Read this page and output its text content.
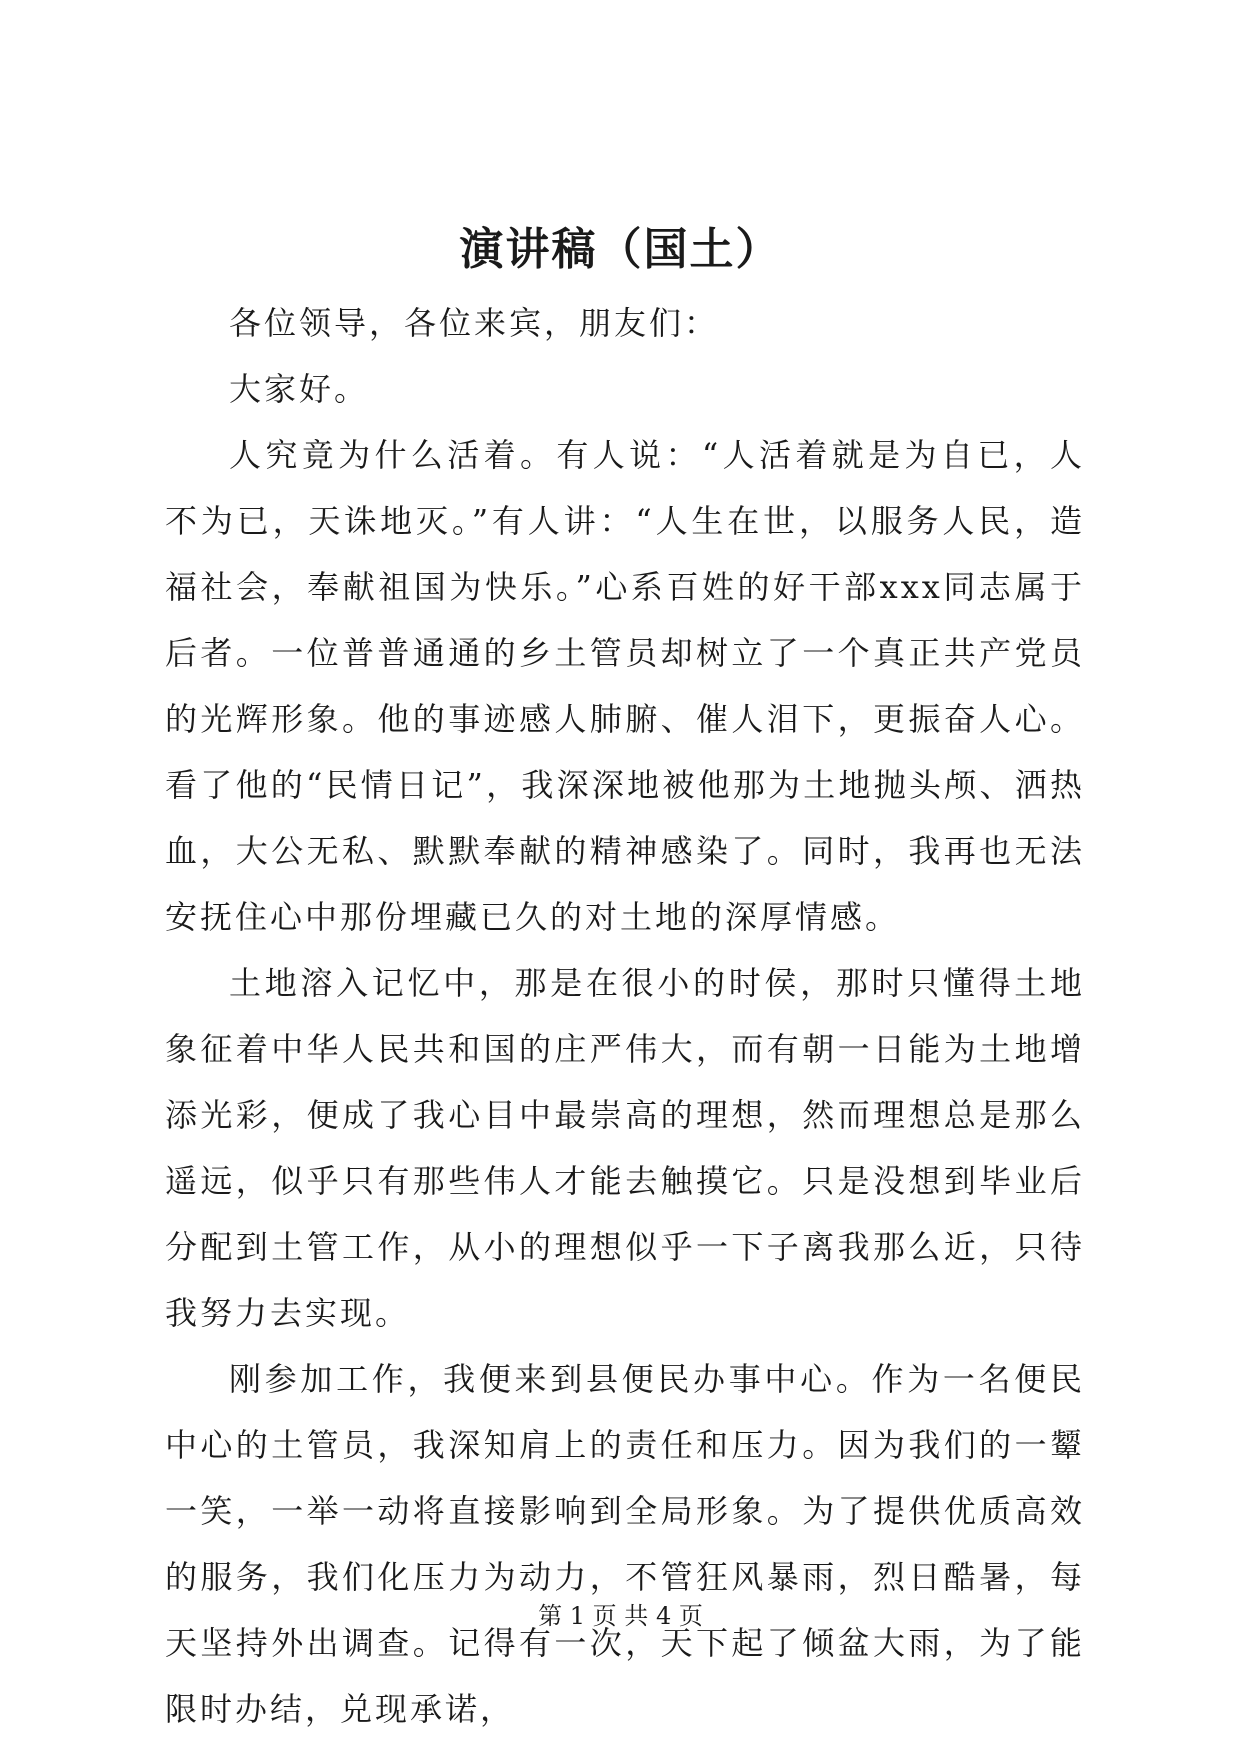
演讲稿（国土）

各位领导，各位来宾，朋友们：

大家好。

人究竟为什么活着。有人说：“人活着就是为自已，人不为已，天诛地灭。”有人讲：“人生在世，以服务人民，造福社会，奉献祖国为快乐。”心系百姓的好干部xxx同志属于后者。一位普普通通的乡土管员却树立了一个真正共产党员的光辉形象。他的事迹感人肺腑、催人泪下，更振奋人心。看了他的“民情日记”，我深深地被他那为土地抛头颅、洒热血，大公无私、默默奉献的精神感染了。同时，我再也无法安抚住心中那份埋藏已久的对土地的深厚情感。

土地溶入记忆中，那是在很小的时侯，那时只懂得土地象征着中华人民共和国的庄严伟大，而有朝一日能为土地增添光彩，便成了我心目中最崇高的理想，然而理想总是那么遥远，似乎只有那些伟人才能去触摸它。只是没想到毕业后分配到土管工作，从小的理想似乎一下子离我那么近，只待我努力去实现。

刚参加工作，我便来到县便民办事中心。作为一名便民中心的土管员，我深知肩上的责任和压力。因为我们的一颦一笑，一举一动将直接影响到全局形象。为了提供优质高效的服务，我们化压力为动力，不管狂风暴雨，烈日酷暑，每天坚持外出调查。记得有一次，天下起了倾盆大雨，为了能限时办结，兑现承诺，

第 1 页 共 4 页
